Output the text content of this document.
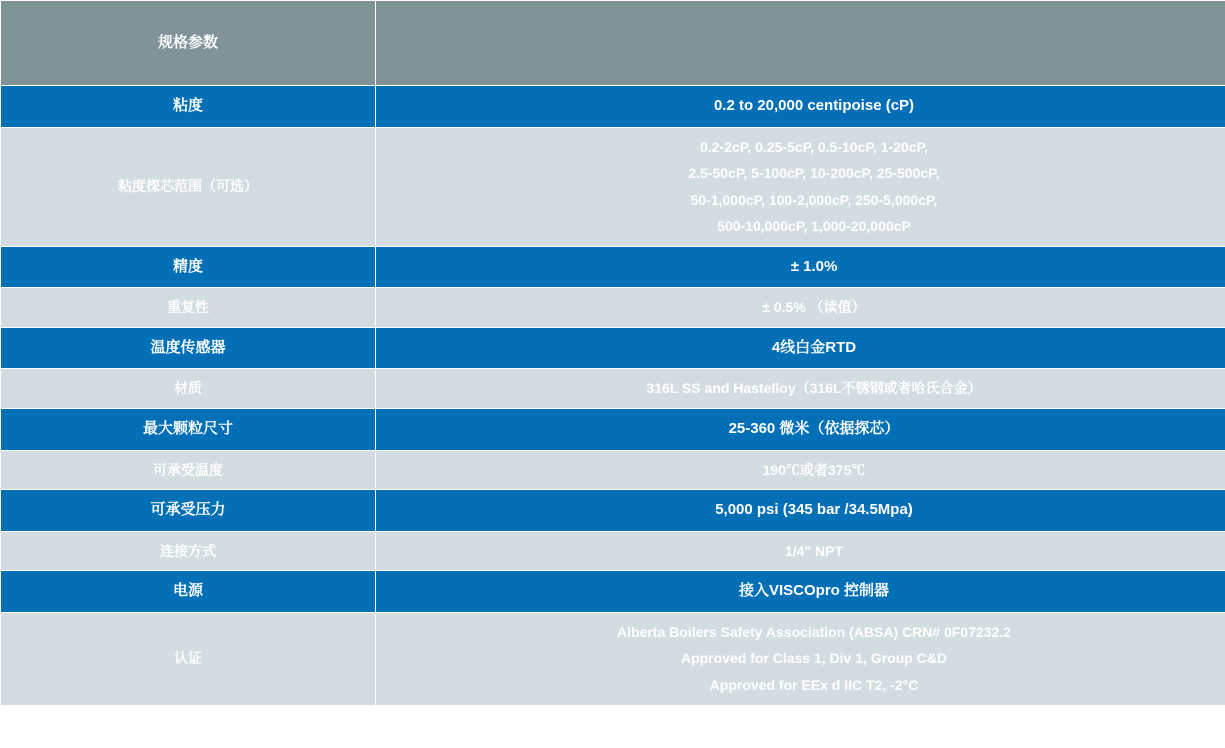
规格参数	
粘度	0.2 to 20,000 centipoise (cP)

粘度探芯范围（可选）	0.2-2cP, 0.25-5cP, 0.5-10cP, 1-20cP,
2.5-50cP, 5-100cP, 10-200cP, 25-500cP,
50-1,000cP, 100-2,000cP, 250-5,000cP,
500-10,000cP, 1,000-20,000cP

精度	± 1.0%

重复性	± 0.5% （读值）

温度传感器	4线白金RTD

材质	316L SS and Hastelloy（316L不锈钢或者哈氏合金）

最大颗粒尺寸	25-360 微米（依据探芯）

可承受温度	190℃或者375℃

可承受压力	5,000 psi (345 bar /34.5Mpa)

连接方式	1/4" NPT

电源	接入VISCOpro 控制器

认证	Alberta Boilers Safety Association (ABSA) CRN# 0F07232.2
Approved for Class 1, Div 1, Group C&D
Approved for EEx d IIC T2, -2°C
